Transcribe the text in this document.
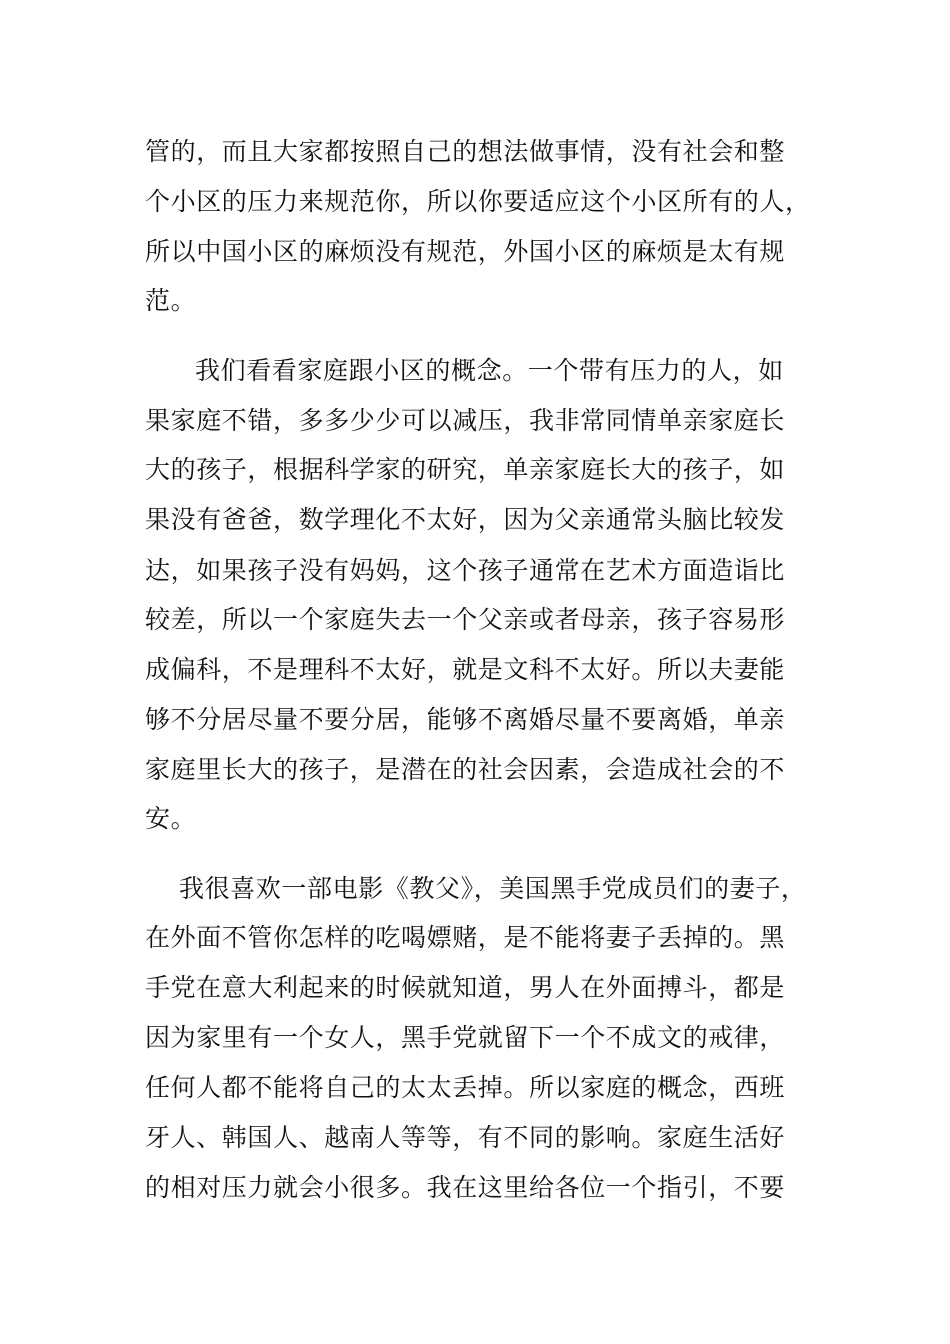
管的，而且大家都按照自己的想法做事情，没有社会和整

个小区的压力来规范你，所以你要适应这个小区所有的人，

所以中国小区的麻烦没有规范，外国小区的麻烦是太有规

范。

我们看看家庭跟小区的概念。一个带有压力的人，如

果家庭不错，多多少少可以减压，我非常同情单亲家庭长

大的孩子，根据科学家的研究，单亲家庭长大的孩子，如

果没有爸爸，数学理化不太好，因为父亲通常头脑比较发

达，如果孩子没有妈妈，这个孩子通常在艺术方面造诣比

较差，所以一个家庭失去一个父亲或者母亲，孩子容易形

成偏科，不是理科不太好，就是文科不太好。所以夫妻能

够不分居尽量不要分居，能够不离婚尽量不要离婚，单亲

家庭里长大的孩子，是潜在的社会因素，会造成社会的不

安。

我很喜欢一部电影《教父》，美国黑手党成员们的妻子，

在外面不管你怎样的吃喝嫖赌，是不能将妻子丢掉的。黑

手党在意大利起来的时候就知道，男人在外面搏斗，都是

因为家里有一个女人，黑手党就留下一个不成文的戒律，

任何人都不能将自己的太太丢掉。所以家庭的概念，西班

牙人、韩国人、越南人等等，有不同的影响。家庭生活好

的相对压力就会小很多。我在这里给各位一个指引，不要
